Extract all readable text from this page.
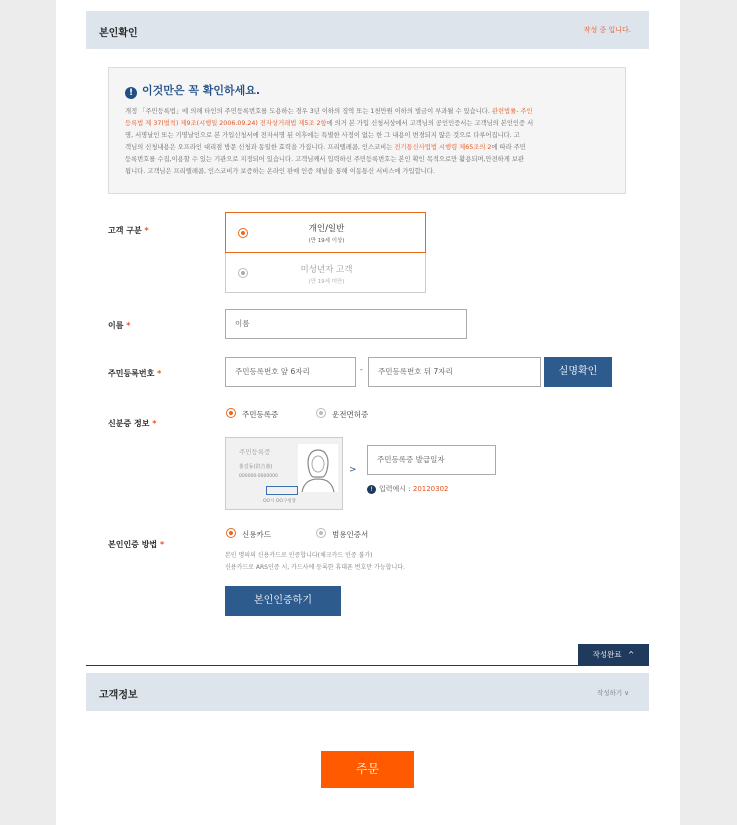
본인확인	작성 중 입니다.
! 이것만은 꼭 확인하세요.
개정 「주민등록법」에 의해 타인의 주민등록번호를 도용하는 경우 3년 이하의 징역 또는 1천만원 이하의 벌금이 부과될 수 있습니다. 관련법률- 주인
등록법 제 37(벌칙) 제9조(시행일 2006.09.24) 전자상거래법 제5조 2항에 의거 본 가입 신청서상에서 고객님의 공인인증서는 고객님의 본인인증 서
명, 서명날인 또는 기명날인으로 본 가입신청서에 전자서명 된 이후에는 특별한 사정이 없는 한 그 내용이 변경되지 않은 것으로 다루어집니다. 고
객님의 신청내용은 오프라인 대리점 방문 신청과 동일한 효력을 가집니다. 프리텔레콤, 인스코비는 전기통신사업법 시행령 제65조의 2에 따라 주민
등록번호를 수집,이용할 수 있는 기관으로 지정되어 있습니다. 고객님께서 입력하신 주민등록번호는 본인 확인 목적으로만 활용되며,안전하게 보관
됩니다. 고객님은 프리텔레콤, 인스코비가 보증하는 온라인 판매 인증 채널을 통해 이동통신 서비스에 가입합니다.
고객 구분 *	개인/일반
(만 19세 이상)
미성년자 고객
(만 19세 미만)
이름 *	이름
주민등록번호 *	주민등록번호 앞 6자리	-	주민등록번호 뒤 7자리	실명확인
신분증 정보 *
주민등록증	운전면허증
주민등록증
홍길동(洪吉童)
000000-0000000
OO시 OO구청장
>
주민등록증 발급일자
! 입력예시 : 20120302
본인인증 방법 *
신용카드	범용인증서
본인 명의의 신용카드로 인증합니다(체크카드 인증 불가)
신용카드로 ARS인증 시, 카드사에 등록한 휴대폰 번호만 가능합니다.
본인인증하기
작성완료 ^
고객정보	작성하기 ∨
주문
